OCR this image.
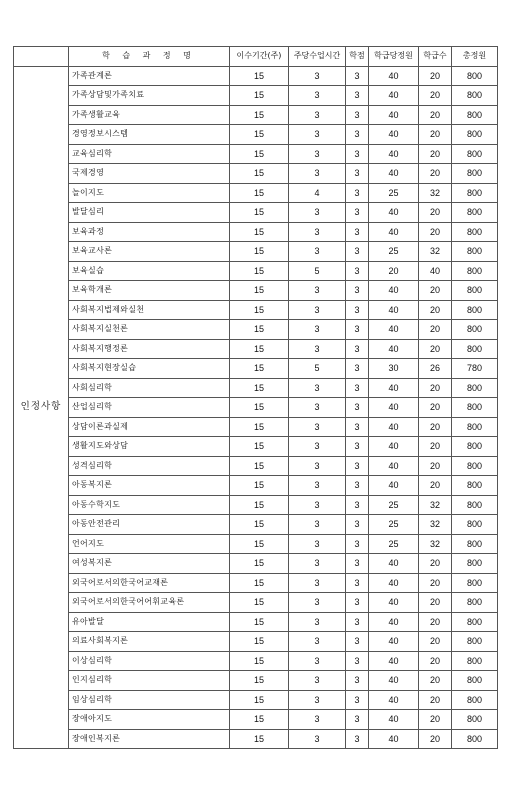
	학 습 과 정 명	이수기간(주)	주당수업시간	학점	학급당정원	학급수	총정원
인정사항	가족관계론	15	3	3	40	20	800
	가족상담및가족치료	15	3	3	40	20	800
	가족생활교육	15	3	3	40	20	800
	경영정보시스템	15	3	3	40	20	800
	교육심리학	15	3	3	40	20	800
	국제경영	15	3	3	40	20	800
	놀이지도	15	4	3	25	32	800
	발달심리	15	3	3	40	20	800
	보육과정	15	3	3	40	20	800
	보육교사론	15	3	3	25	32	800
	보육실습	15	5	3	20	40	800
	보육학개론	15	3	3	40	20	800
	사회복지법제와실천	15	3	3	40	20	800
	사회복지실천론	15	3	3	40	20	800
	사회복지행정론	15	3	3	40	20	800
	사회복지현장실습	15	5	3	30	26	780
	사회심리학	15	3	3	40	20	800
	산업심리학	15	3	3	40	20	800
	상담이론과실제	15	3	3	40	20	800
	생활지도와상담	15	3	3	40	20	800
	성격심리학	15	3	3	40	20	800
	아동복지론	15	3	3	40	20	800
	아동수학지도	15	3	3	25	32	800
	아동안전관리	15	3	3	25	32	800
	언어지도	15	3	3	25	32	800
	여성복지론	15	3	3	40	20	800
	외국어로서의한국어교재론	15	3	3	40	20	800
	외국어로서의한국어어휘교육론	15	3	3	40	20	800
	유아발달	15	3	3	40	20	800
	의료사회복지론	15	3	3	40	20	800
	이상심리학	15	3	3	40	20	800
	인지심리학	15	3	3	40	20	800
	임상심리학	15	3	3	40	20	800
	장애아지도	15	3	3	40	20	800
	장애인복지론	15	3	3	40	20	800
